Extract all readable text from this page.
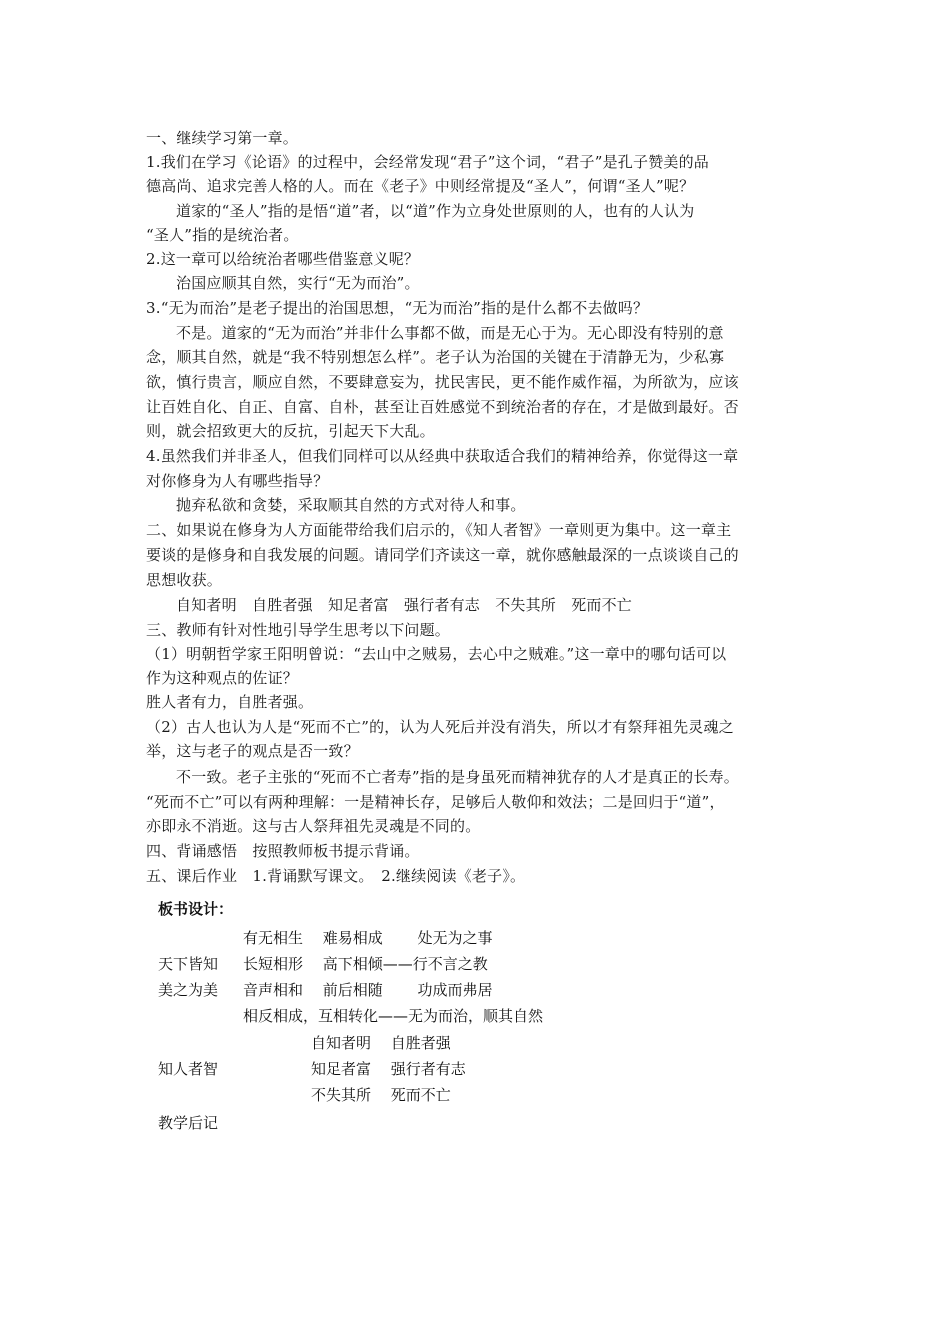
一、继续学习第一章。
1.我们在学习《论语》的过程中，会经常发现“君子”这个词，“君子”是孔子赞美的品
德高尚、追求完善人格的人。而在《老子》中则经常提及“圣人”，何谓“圣人”呢？
道家的“圣人”指的是悟“道”者，以“道”作为立身处世原则的人，也有的人认为
“圣人”指的是统治者。
2.这一章可以给统治者哪些借鉴意义呢？
治国应顺其自然，实行“无为而治”。
3.“无为而治”是老子提出的治国思想，“无为而治”指的是什么都不去做吗？
不是。道家的“无为而治”并非什么事都不做，而是无心于为。无心即没有特别的意
念，顺其自然，就是“我不特别想怎么样”。老子认为治国的关键在于清静无为，少私寡
欲，慎行贵言，顺应自然，不要肆意妄为，扰民害民，更不能作威作福，为所欲为，应该
让百姓自化、自正、自富、自朴，甚至让百姓感觉不到统治者的存在，才是做到最好。否
则，就会招致更大的反抗，引起天下大乱。
4.虽然我们并非圣人，但我们同样可以从经典中获取适合我们的精神给养，你觉得这一章
对你修身为人有哪些指导？
抛弃私欲和贪婪，采取顺其自然的方式对待人和事。
二、如果说在修身为人方面能带给我们启示的，《知人者智》一章则更为集中。这一章主
要谈的是修身和自我发展的问题。请同学们齐读这一章，就你感触最深的一点谈谈自己的
思想收获。
自知者明　自胜者强　知足者富　强行者有志　不失其所　死而不亡
三、教师有针对性地引导学生思考以下问题。
（1）明朝哲学家王阳明曾说：“去山中之贼易，去心中之贼难。”这一章中的哪句话可以
作为这种观点的佐证？
胜人者有力，自胜者强。
（2）古人也认为人是“死而不亡”的，认为人死后并没有消失，所以才有祭拜祖先灵魂之
举，这与老子的观点是否一致？
不一致。老子主张的“死而不亡者寿”指的是身虽死而精神犹存的人才是真正的长寿。
“死而不亡”可以有两种理解：一是精神长存，足够后人敬仰和效法；二是回归于“道”，
亦即永不消逝。这与古人祭拜祖先灵魂是不同的。
四、背诵感悟　按照教师板书提示背诵。
五、课后作业　1.背诵默写课文。　2.继续阅读《老子》。
板书设计：
有无相生　 难易相成　　 处无为之事
天下皆知 长短相形　 高下相倾——行不言之教
美之为美 音声相和　 前后相随　　 功成而弗居
相反相成，互相转化——无为而治，顺其自然
自知者明　 自胜者强
知人者智	知足者富　 强行者有志
不失其所　 死而不亡
教学后记
